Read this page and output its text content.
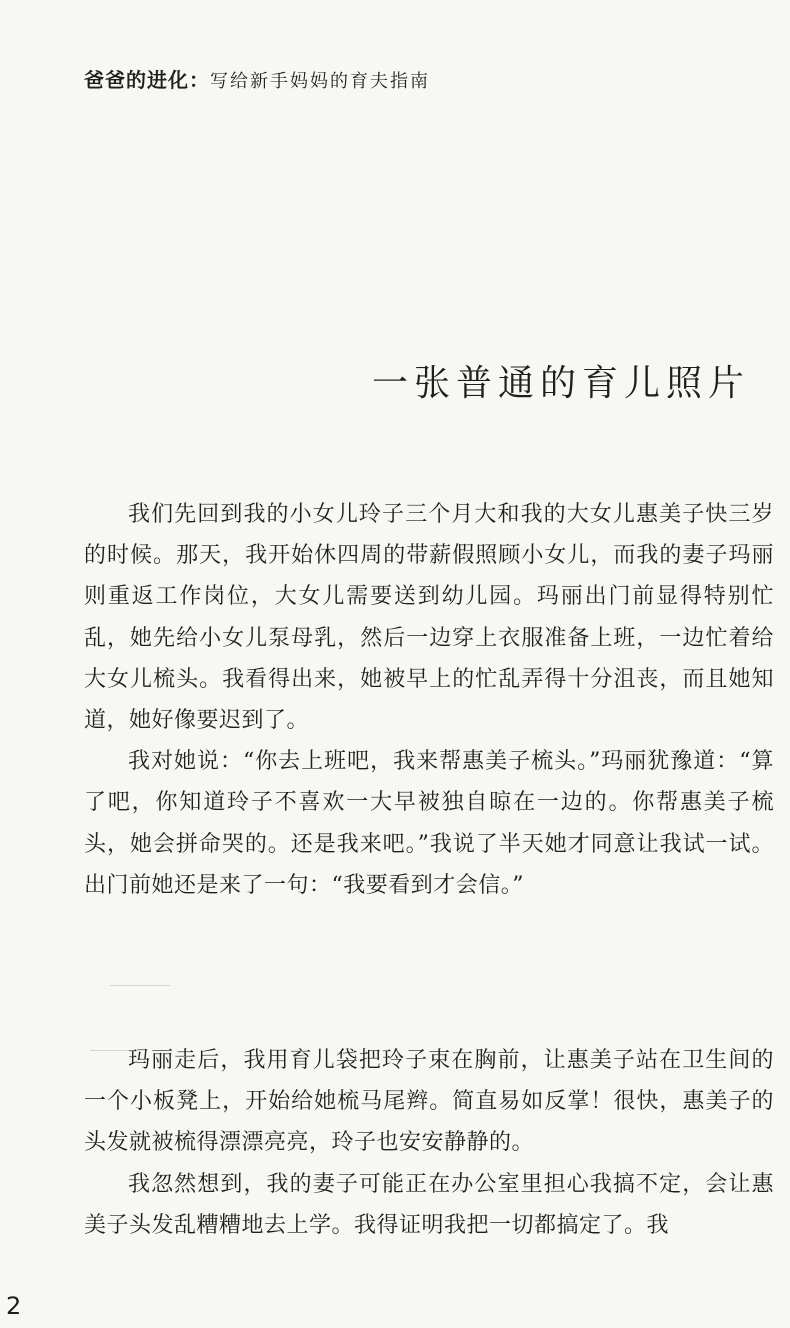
爸爸的进化：写给新手妈妈的育夫指南
一张普通的育儿照片

我们先回到我的小女儿玲子三个月大和我的大女儿惠美子快三岁的时候。那天，我开始休四周的带薪假照顾小女儿，而我的妻子玛丽则重返工作岗位，大女儿需要送到幼儿园。玛丽出门前显得特别忙乱，她先给小女儿泵母乳，然后一边穿上衣服准备上班，一边忙着给大女儿梳头。我看得出来，她被早上的忙乱弄得十分沮丧，而且她知道，她好像要迟到了。

我对她说：“你去上班吧，我来帮惠美子梳头。”玛丽犹豫道：“算了吧，你知道玲子不喜欢一大早被独自晾在一边的。你帮惠美子梳头，她会拼命哭的。还是我来吧。”我说了半天她才同意让我试一试。出门前她还是来了一句：“我要看到才会信。”

玛丽走后，我用育儿袋把玲子束在胸前，让惠美子站在卫生间的一个小板凳上，开始给她梳马尾辫。简直易如反掌！很快，惠美子的头发就被梳得漂漂亮亮，玲子也安安静静的。

我忽然想到，我的妻子可能正在办公室里担心我搞不定，会让惠美子头发乱糟糟地去上学。我得证明我把一切都搞定了。我

2
